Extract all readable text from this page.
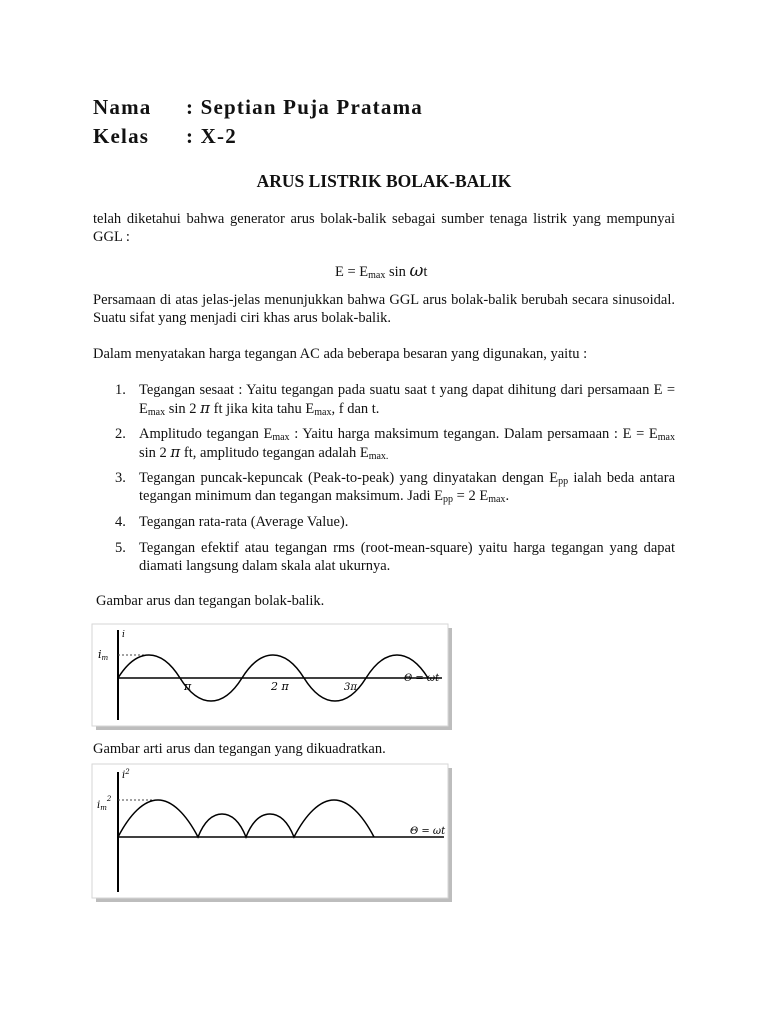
Nama : Septian Puja Pratama
Kelas : X-2
ARUS LISTRIK BOLAK-BALIK
telah diketahui bahwa generator arus bolak-balik sebagai sumber tenaga listrik yang mempunyai GGL :
$E = E_{max}$ sin ωt
Persamaan di atas jelas-jelas menunjukkan bahwa GGL arus bolak-balik berubah secara sinusoidal. Suatu sifat yang menjadi ciri khas arus bolak-balik.
Dalam menyatakan harga tegangan AC ada beberapa besaran yang digunakan, yaitu :
1. Tegangan sesaat : Yaitu tegangan pada suatu saat t yang dapat dihitung dari persamaan $E = E_{max}$ sin 2 π ft jika kita tahu $E_{max}$, f dan t.
2. Amplitudo tegangan $E_{max}$ : Yaitu harga maksimum tegangan. Dalam persamaan : $E = E_{max}$ sin 2 π ft, amplitudo tegangan adalah $E_{max.}$
3. Tegangan puncak-kepuncak (Peak-to-peak) yang dinyatakan dengan $E_{pp}$ ialah beda antara tegangan minimum dan tegangan maksimum. Jadi $E_{pp} = 2$ $E_{max}$.
4. Tegangan rata-rata (Average Value).
5. Tegangan efektif atau tegangan rms (root-mean-square) yaitu harga tegangan yang dapat diamati langsung dalam skala alat ukurnya.
Gambar arus dan tegangan bolak-balik.
i
im
π	2 π	3π
Θ = ωt
Gambar arti arus dan tegangan yang dikuadratkan.
$i^2$
$i_m^2$
Θ = ωt
